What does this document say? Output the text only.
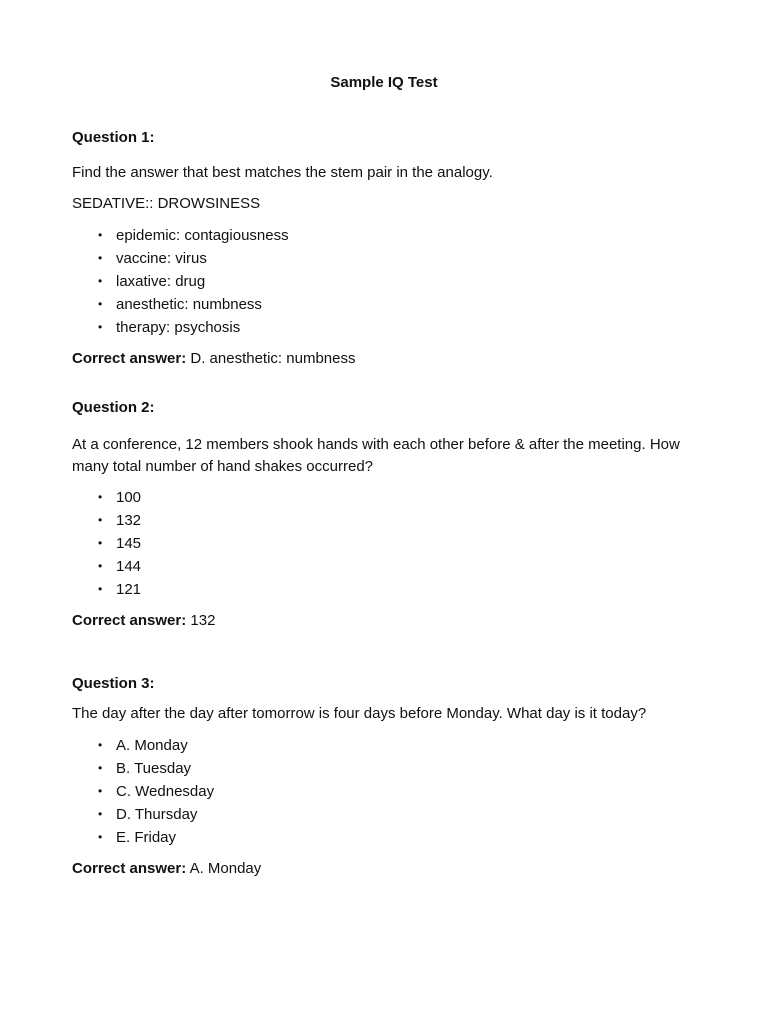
Sample IQ Test
Question 1:

Find the answer that best matches the stem pair in the analogy.

SEDATIVE:: DROWSINESS

• epidemic: contagiousness
• vaccine: virus
• laxative: drug
• anesthetic: numbness
• therapy: psychosis
Correct answer: D. anesthetic: numbness
Question 2:

At a conference, 12 members shook hands with each other before & after the meeting. How many total number of hand shakes occurred?

• 100
• 132
• 145
• 144
• 121
Correct answer: 132
Question 3:

The day after the day after tomorrow is four days before Monday. What day is it today?

• A. Monday
• B. Tuesday
• C. Wednesday
• D. Thursday
• E. Friday
Correct answer: A. Monday
